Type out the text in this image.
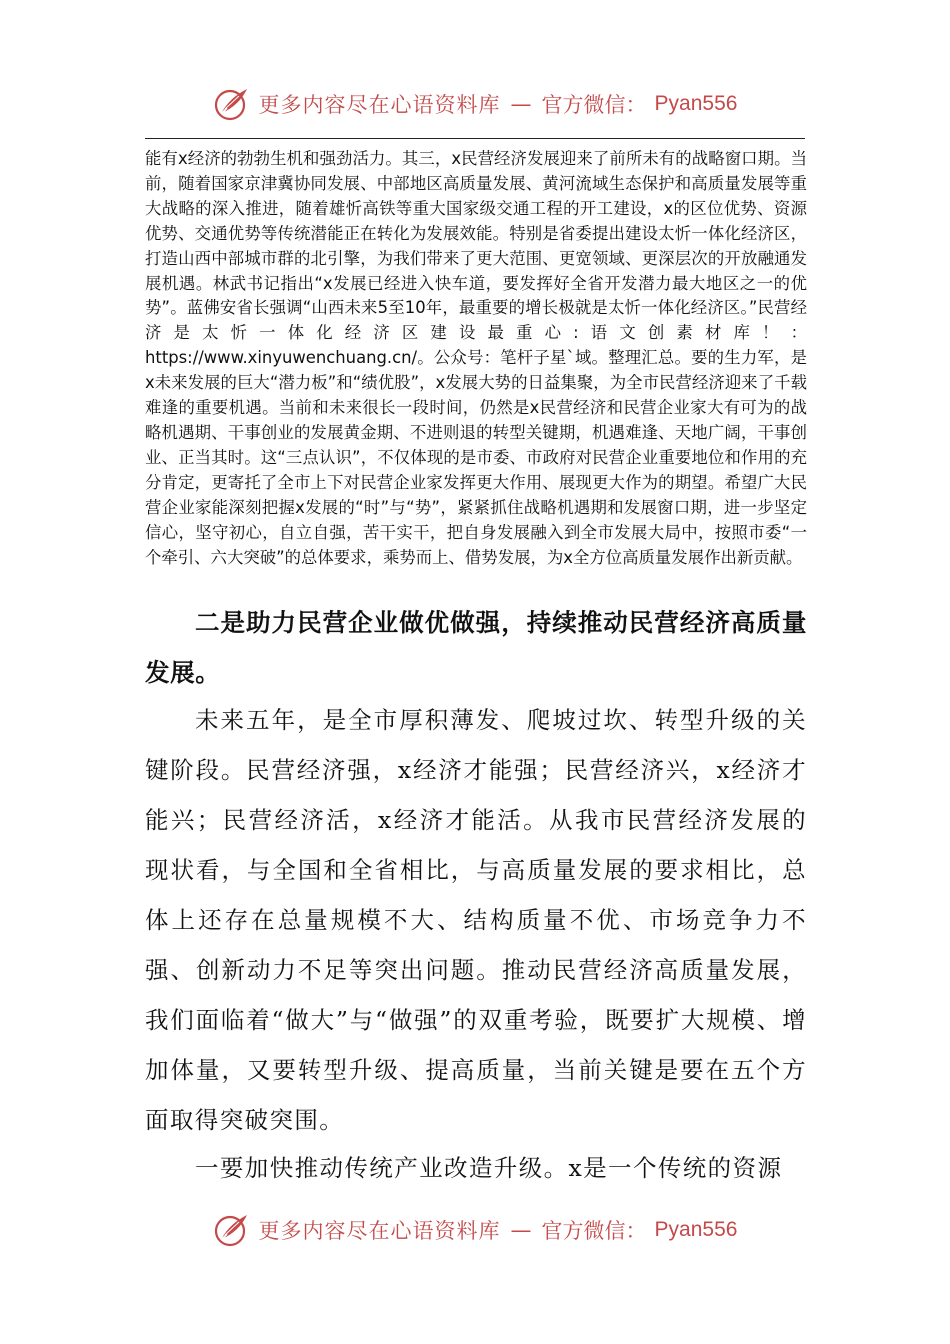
更多内容尽在心语资料库 — 官方微信： Pyan556

能有x经济的勃勃生机和强劲活力。其三，x民营经济发展迎来了前所未有的战略窗口期。当前，随着国家京津冀协同发展、中部地区高质量发展、黄河流域生态保护和高质量发展等重大战略的深入推进，随着雄忻高铁等重大国家级交通工程的开工建设，x的区位优势、资源优势、交通优势等传统潜能正在转化为发展效能。特别是省委提出建设太忻一体化经济区，打造山西中部城市群的北引擎，为我们带来了更大范围、更宽领域、更深层次的开放融通发展机遇。林武书记指出“x发展已经进入快车道，要发挥好全省开发潜力最大地区之一的优势”。蓝佛安省长强调“山西未来5至10年，最重要的增长极就是太忻一体化经济区。”民营经济是太忻一体化经济区建设最重心:语文创素材库！：https://www.xinyuwenchuang.cn/。公众号：笔杆子星`域。整理汇总。要的生力军，是x未来发展的巨大“潜力板”和“绩优股”，x发展大势的日益集聚，为全市民营经济迎来了千载难逢的重要机遇。当前和未来很长一段时间，仍然是x民营经济和民营企业家大有可为的战略机遇期、干事创业的发展黄金期、不进则退的转型关键期，机遇难逢、天地广阔，干事创业、正当其时。这“三点认识”，不仅体现的是市委、市政府对民营企业重要地位和作用的充分肯定，更寄托了全市上下对民营企业家发挥更大作用、展现更大作为的期望。希望广大民营企业家能深刻把握x发展的“时”与“势”，紧紧抓住战略机遇期和发展窗口期，进一步坚定信心，坚守初心，自立自强，苦干实干，把自身发展融入到全市发展大局中，按照市委“一个牵引、六大突破”的总体要求，乘势而上、借势发展，为x全方位高质量发展作出新贡献。

二是助力民营企业做优做强，持续推动民营经济高质量发展。

未来五年，是全市厚积薄发、爬坡过坎、转型升级的关键阶段。民营经济强，x经济才能强；民营经济兴，x经济才能兴；民营经济活，x经济才能活。从我市民营经济发展的现状看，与全国和全省相比，与高质量发展的要求相比，总体上还存在总量规模不大、结构质量不优、市场竞争力不强、创新动力不足等突出问题。推动民营经济高质量发展，我们面临着“做大”与“做强”的双重考验，既要扩大规模、增加体量，又要转型升级、提高质量，当前关键是要在五个方面取得突破突围。

一要加快推动传统产业改造升级。x是一个传统的资源

更多内容尽在心语资料库 — 官方微信： Pyan556
